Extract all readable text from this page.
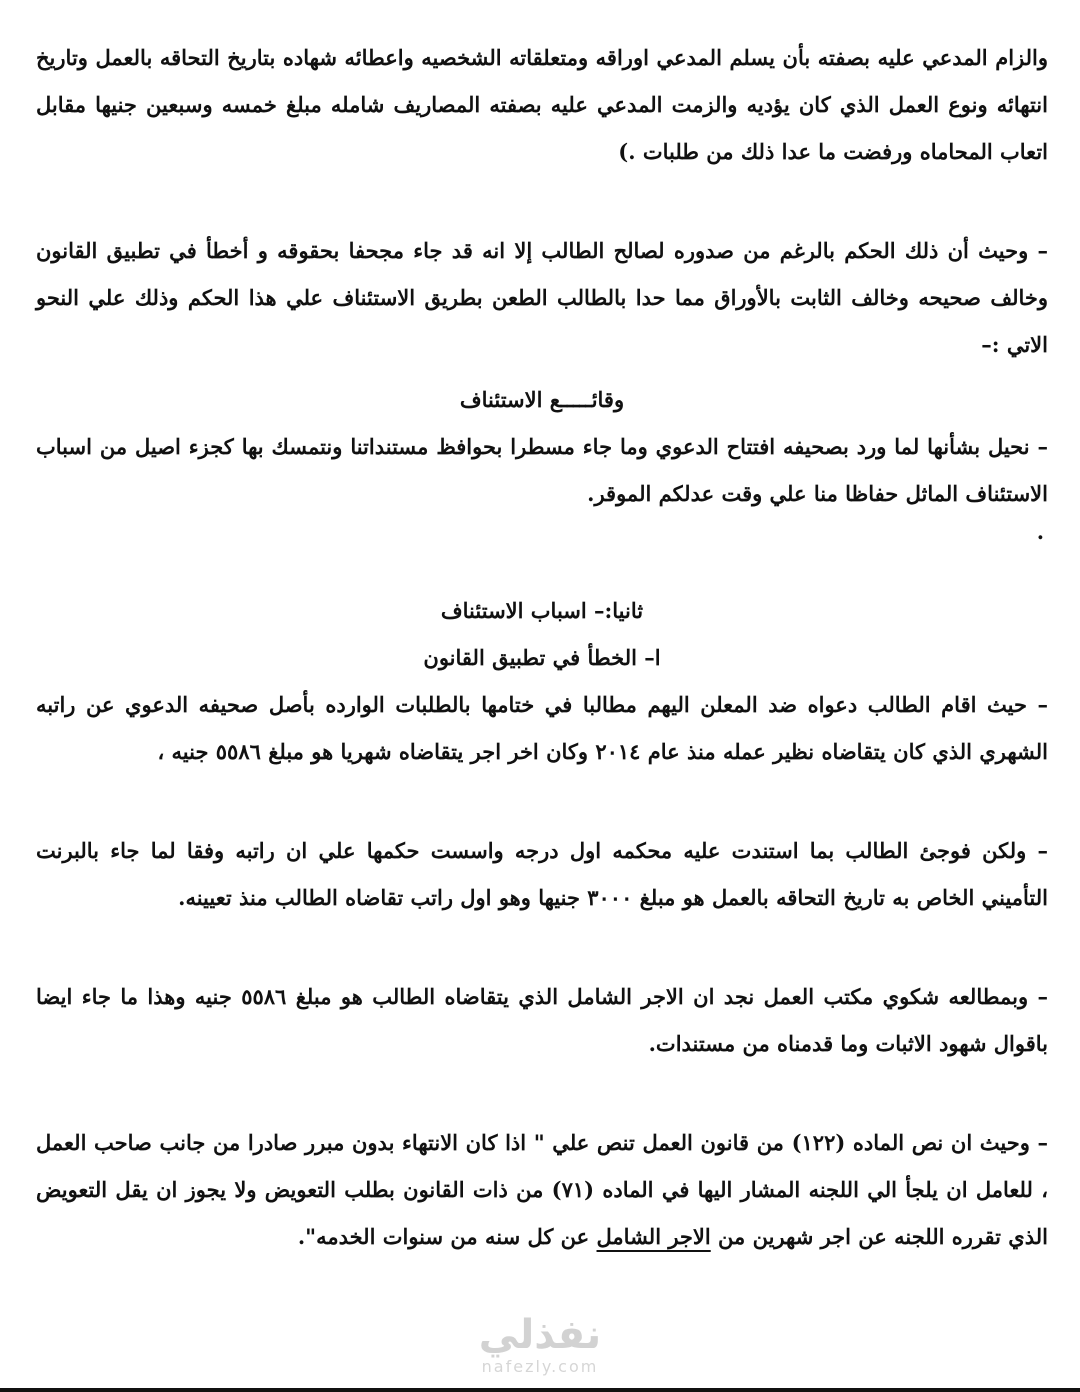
والزام المدعي عليه بصفته بأن يسلم المدعي اوراقه ومتعلقاته الشخصيه واعطائه شهاده بتاريخ التحاقه بالعمل وتاريخ انتهائه ونوع العمل الذي كان يؤديه والزمت المدعي عليه بصفته المصاريف شامله مبلغ خمسه وسبعين جنيها مقابل اتعاب المحاماه ورفضت ما عدا ذلك من طلبات .)

– وحيث أن ذلك الحكم بالرغم من صدوره لصالح الطالب إلا انه قد جاء مجحفا بحقوقه و أخطأ في تطبيق القانون وخالف صحيحه وخالف الثابت بالأوراق مما حدا بالطالب الطعن بطريق الاستئناف علي هذا الحكم وذلك علي النحو الاتي :–

وقائـــــع الاستئناف

– نحيل بشأنها لما ورد بصحيفه افتتاح الدعوي وما جاء مسطرا بحوافظ مستنداتنا ونتمسك بها كجزء اصيل من اسباب الاستئناف الماثل حفاظا منا علي وقت عدلكم الموقر.

.

ثانيا:– اسباب الاستئناف

ا– الخطأ في تطبيق القانون

– حيث اقام الطالب دعواه ضد المعلن اليهم مطالبا في ختامها بالطلبات الوارده بأصل صحيفه الدعوي عن راتبه الشهري الذي كان يتقاضاه نظير عمله منذ عام ٢٠١٤ وكان اخر اجر يتقاضاه شهريا هو مبلغ ٥٥٨٦ جنيه ،

– ولكن فوجئ الطالب بما استندت عليه محكمه اول درجه واسست حكمها علي ان راتبه وفقا لما جاء بالبرنت التأميني الخاص به تاريخ التحاقه بالعمل هو مبلغ ٣٠٠٠ جنيها وهو اول راتب تقاضاه الطالب منذ تعيينه.

– وبمطالعه شكوي مكتب العمل نجد ان الاجر الشامل الذي يتقاضاه الطالب هو مبلغ ٥٥٨٦ جنيه وهذا ما جاء ايضا باقوال شهود الاثبات وما قدمناه من مستندات.

– وحيث ان نص الماده (١٢٢) من قانون العمل تنص علي " اذا كان الانتهاء بدون مبرر صادرا من جانب صاحب العمل ، للعامل ان يلجأ الي اللجنه المشار اليها في الماده (٧١) من ذات القانون بطلب التعويض ولا يجوز ان يقل التعويض الذي تقرره اللجنه عن اجر شهرين من الاجر الشامل عن كل سنه من سنوات الخدمه".

نفذلي
nafezly.com
